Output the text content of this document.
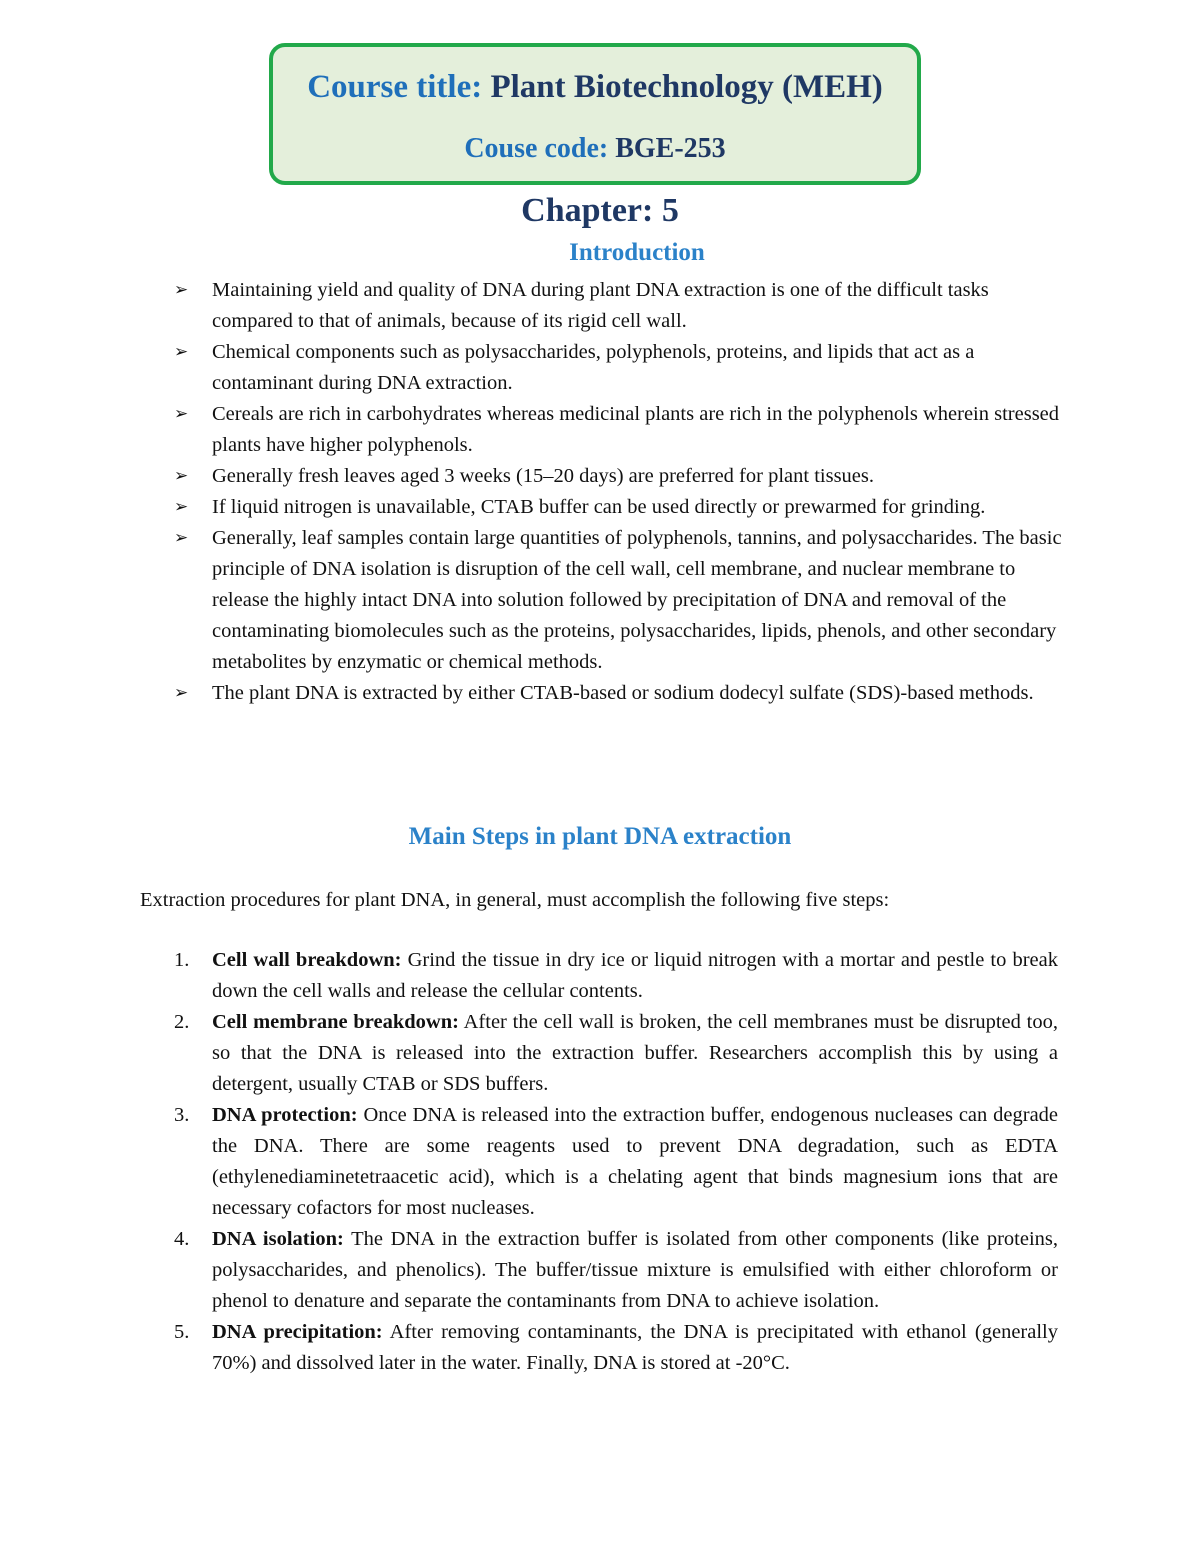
Course title: Plant Biotechnology (MEH)
Couse code: BGE-253
Chapter: 5
Introduction
➢ Maintaining yield and quality of DNA during plant DNA extraction is one of the difficult tasks compared to that of animals, because of its rigid cell wall.
➢ Chemical components such as polysaccharides, polyphenols, proteins, and lipids that act as a contaminant during DNA extraction.
➢ Cereals are rich in carbohydrates whereas medicinal plants are rich in the polyphenols wherein stressed plants have higher polyphenols.
➢ Generally fresh leaves aged 3 weeks (15–20 days) are preferred for plant tissues.
➢ If liquid nitrogen is unavailable, CTAB buffer can be used directly or prewarmed for grinding.
➢ Generally, leaf samples contain large quantities of polyphenols, tannins, and polysaccharides. The basic principle of DNA isolation is disruption of the cell wall, cell membrane, and nuclear membrane to release the highly intact DNA into solution followed by precipitation of DNA and removal of the contaminating biomolecules such as the proteins, polysaccharides, lipids, phenols, and other secondary metabolites by enzymatic or chemical methods.
➢ The plant DNA is extracted by either CTAB-based or sodium dodecyl sulfate (SDS)-based methods.
Main Steps in plant DNA extraction
Extraction procedures for plant DNA, in general, must accomplish the following five steps:
1. Cell wall breakdown: Grind the tissue in dry ice or liquid nitrogen with a mortar and pestle to break down the cell walls and release the cellular contents.
2. Cell membrane breakdown: After the cell wall is broken, the cell membranes must be disrupted too, so that the DNA is released into the extraction buffer. Researchers accomplish this by using a detergent, usually CTAB or SDS buffers.
3. DNA protection: Once DNA is released into the extraction buffer, endogenous nucleases can degrade the DNA. There are some reagents used to prevent DNA degradation, such as EDTA (ethylenediaminetetraacetic acid), which is a chelating agent that binds magnesium ions that are necessary cofactors for most nucleases.
4. DNA isolation: The DNA in the extraction buffer is isolated from other components (like proteins, polysaccharides, and phenolics). The buffer/tissue mixture is emulsified with either chloroform or phenol to denature and separate the contaminants from DNA to achieve isolation.
5. DNA precipitation: After removing contaminants, the DNA is precipitated with ethanol (generally 70%) and dissolved later in the water. Finally, DNA is stored at -20°C.
